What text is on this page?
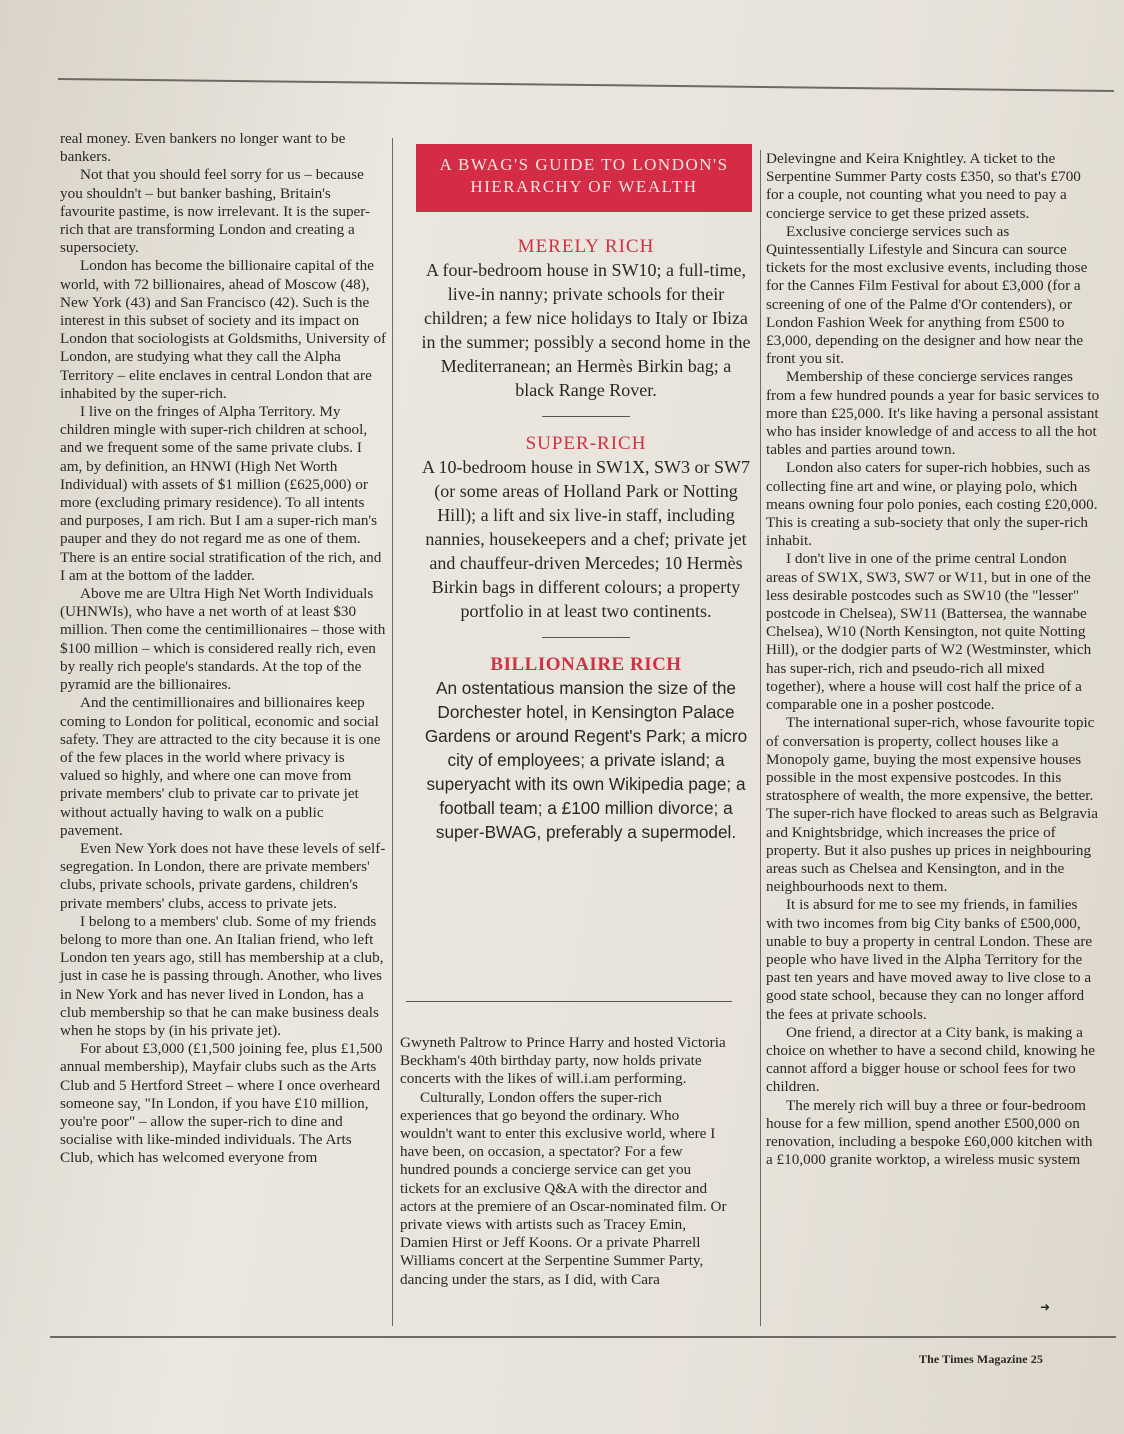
real money. Even bankers no longer want to be bankers.

Not that you should feel sorry for us – because you shouldn't – but banker bashing, Britain's favourite pastime, is now irrelevant. It is the super-rich that are transforming London and creating a supersociety.

London has become the billionaire capital of the world, with 72 billionaires, ahead of Moscow (48), New York (43) and San Francisco (42). Such is the interest in this subset of society and its impact on London that sociologists at Goldsmiths, University of London, are studying what they call the Alpha Territory – elite enclaves in central London that are inhabited by the super-rich.

I live on the fringes of Alpha Territory. My children mingle with super-rich children at school, and we frequent some of the same private clubs. I am, by definition, an HNWI (High Net Worth Individual) with assets of $1 million (£625,000) or more (excluding primary residence). To all intents and purposes, I am rich. But I am a super-rich man's pauper and they do not regard me as one of them. There is an entire social stratification of the rich, and I am at the bottom of the ladder.

Above me are Ultra High Net Worth Individuals (UHNWIs), who have a net worth of at least $30 million. Then come the centimillionaires – those with $100 million – which is considered really rich, even by really rich people's standards. At the top of the pyramid are the billionaires.

And the centimillionaires and billionaires keep coming to London for political, economic and social safety. They are attracted to the city because it is one of the few places in the world where privacy is valued so highly, and where one can move from private members' club to private car to private jet without actually having to walk on a public pavement.

Even New York does not have these levels of self-segregation. In London, there are private members' clubs, private schools, private gardens, children's private members' clubs, access to private jets.

I belong to a members' club. Some of my friends belong to more than one. An Italian friend, who left London ten years ago, still has membership at a club, just in case he is passing through. Another, who lives in New York and has never lived in London, has a club membership so that he can make business deals when he stops by (in his private jet).

For about £3,000 (£1,500 joining fee, plus £1,500 annual membership), Mayfair clubs such as the Arts Club and 5 Hertford Street – where I once overheard someone say, "In London, if you have £10 million, you're poor" – allow the super-rich to dine and socialise with like-minded individuals. The Arts Club, which has welcomed everyone from

A BWAG'S GUIDE TO LONDON'S HIERARCHY OF WEALTH
MERELY RICH

A four-bedroom house in SW10; a full-time, live-in nanny; private schools for their children; a few nice holidays to Italy or Ibiza in the summer; possibly a second home in the Mediterranean; an Hermès Birkin bag; a black Range Rover.

SUPER-RICH

A 10-bedroom house in SW1X, SW3 or SW7 (or some areas of Holland Park or Notting Hill); a lift and six live-in staff, including nannies, housekeepers and a chef; private jet and chauffeur-driven Mercedes; 10 Hermès Birkin bags in different colours; a property portfolio in at least two continents.

BILLIONAIRE RICH

An ostentatious mansion the size of the Dorchester hotel, in Kensington Palace Gardens or around Regent's Park; a micro city of employees; a private island; a superyacht with its own Wikipedia page; a football team; a £100 million divorce; a super-BWAG, preferably a supermodel.

Gwyneth Paltrow to Prince Harry and hosted Victoria Beckham's 40th birthday party, now holds private concerts with the likes of will.i.am performing.

Culturally, London offers the super-rich experiences that go beyond the ordinary. Who wouldn't want to enter this exclusive world, where I have been, on occasion, a spectator? For a few hundred pounds a concierge service can get you tickets for an exclusive Q&A with the director and actors at the premiere of an Oscar-nominated film. Or private views with artists such as Tracey Emin, Damien Hirst or Jeff Koons. Or a private Pharrell Williams concert at the Serpentine Summer Party, dancing under the stars, as I did, with Cara

Delevingne and Keira Knightley. A ticket to the Serpentine Summer Party costs £350, so that's £700 for a couple, not counting what you need to pay a concierge service to get these prized assets.

Exclusive concierge services such as Quintessentially Lifestyle and Sincura can source tickets for the most exclusive events, including those for the Cannes Film Festival for about £3,000 (for a screening of one of the Palme d'Or contenders), or London Fashion Week for anything from £500 to £3,000, depending on the designer and how near the front you sit.

Membership of these concierge services ranges from a few hundred pounds a year for basic services to more than £25,000. It's like having a personal assistant who has insider knowledge of and access to all the hot tables and parties around town.

London also caters for super-rich hobbies, such as collecting fine art and wine, or playing polo, which means owning four polo ponies, each costing £20,000. This is creating a sub-society that only the super-rich inhabit.

I don't live in one of the prime central London areas of SW1X, SW3, SW7 or W11, but in one of the less desirable postcodes such as SW10 (the "lesser" postcode in Chelsea), SW11 (Battersea, the wannabe Chelsea), W10 (North Kensington, not quite Notting Hill), or the dodgier parts of W2 (Westminster, which has super-rich, rich and pseudo-rich all mixed together), where a house will cost half the price of a comparable one in a posher postcode.

The international super-rich, whose favourite topic of conversation is property, collect houses like a Monopoly game, buying the most expensive houses possible in the most expensive postcodes. In this stratosphere of wealth, the more expensive, the better. The super-rich have flocked to areas such as Belgravia and Knightsbridge, which increases the price of property. But it also pushes up prices in neighbouring areas such as Chelsea and Kensington, and in the neighbourhoods next to them.

It is absurd for me to see my friends, in families with two incomes from big City banks of £500,000, unable to buy a property in central London. These are people who have lived in the Alpha Territory for the past ten years and have moved away to live close to a good state school, because they can no longer afford the fees at private schools.

One friend, a director at a City bank, is making a choice on whether to have a second child, knowing he cannot afford a bigger house or school fees for two children.

The merely rich will buy a three or four-bedroom house for a few million, spend another £500,000 on renovation, including a bespoke £60,000 kitchen with a £10,000 granite worktop, a wireless music system

➜
The Times Magazine 25
